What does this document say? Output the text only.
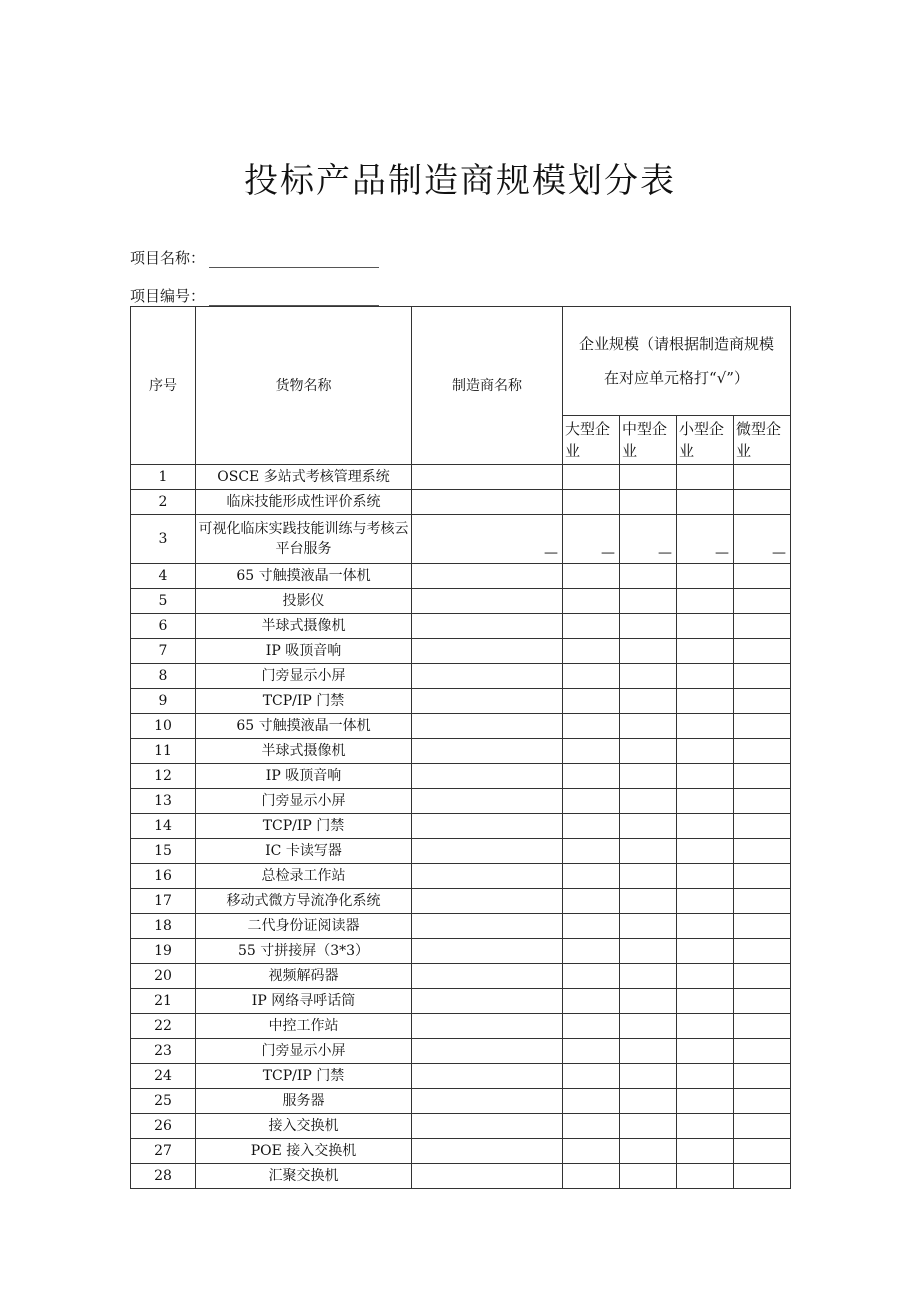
投标产品制造商规模划分表
项目名称：
项目编号：
序号	货物名称	制造商名称	企业规模（请根据制造商规模
在对应单元格打“√”）			

			大型企业	中型企业	小型企业	微型企业
1	OSCE 多站式考核管理系统					
2	临床技能形成性评价系统					
3	可视化临床实践技能训练与考核云平台服务	—	—	—	—	—

4	65 寸触摸液晶一体机					
5	投影仪					
6	半球式摄像机					
7	IP 吸顶音响					
8	门旁显示小屏					
9	TCP/IP 门禁					
10	65 寸触摸液晶一体机					
11	半球式摄像机					
12	IP 吸顶音响					
13	门旁显示小屏					
14	TCP/IP 门禁					
15	IC 卡读写器					
16	总检录工作站					
17	移动式微方导流净化系统					
18	二代身份证阅读器					
19	55 寸拼接屏（3*3）					
20	视频解码器					
21	IP 网络寻呼话筒					
22	中控工作站					
23	门旁显示小屏					
24	TCP/IP 门禁					
25	服务器					
26	接入交换机					
27	POE 接入交换机					
28	汇聚交换机					
